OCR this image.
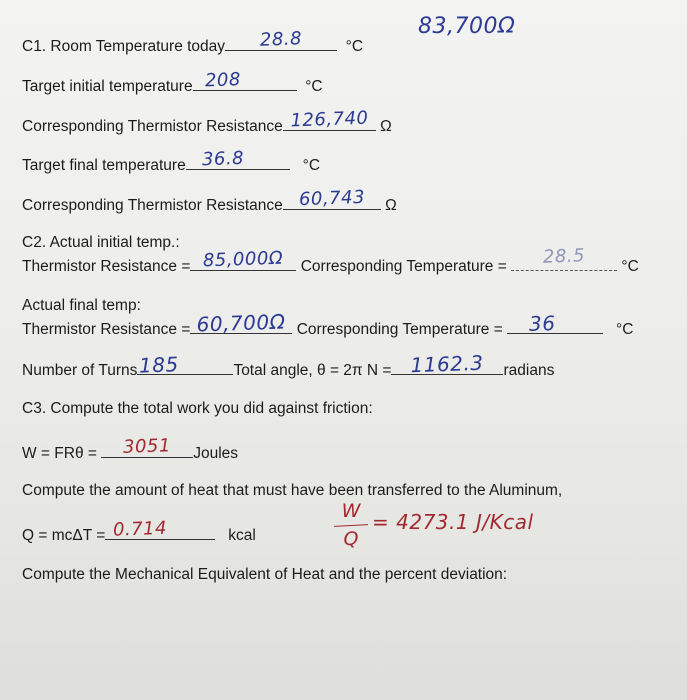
C1. Room Temperature today	28.8	°C
83,700Ω
Target initial temperature 208	°C
Corresponding Thermistor Resistance 126,740 Ω
Target final temperature 36.8	°C
Corresponding Thermistor Resistance 60,743	Ω
C2. Actual initial temp.:
Thermistor Resistance = 85,000Ω	Corresponding Temperature =	28.5	°C
Actual final temp:
Thermistor Resistance = 60,700Ω Corresponding Temperature =	36	°C
Number of Turns 185	Total angle, θ = 2π N = 1162.3	radians
C3. Compute the total work you did against friction:
W = FRθ =	3051	Joules
Compute the amount of heat that must have been transferred to the Aluminum,
Q = mcΔT = 0.714	kcal
W
Q
= 4273.1 J/Kcal
Compute the Mechanical Equivalent of Heat and the percent deviation:
